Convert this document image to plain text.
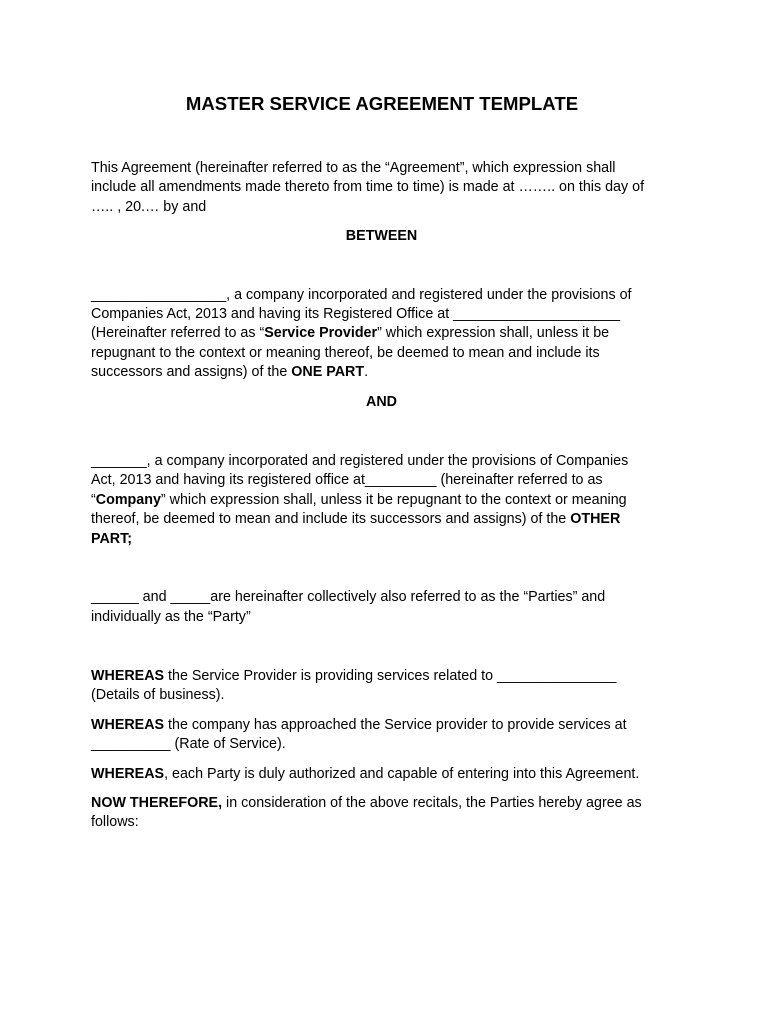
MASTER SERVICE AGREEMENT TEMPLATE

This Agreement (hereinafter referred to as the “Agreement”, which expression shall
include all amendments made thereto from time to time) is made at …….. on this day of
….. , 20.… by and

BETWEEN

_________________, a company incorporated and registered under the provisions of
Companies Act, 2013 and having its Registered Office at _____________________
(Hereinafter referred to as “Service Provider” which expression shall, unless it be
repugnant to the context or meaning thereof, be deemed to mean and include its
successors and assigns) of the ONE PART.

AND

_______, a company incorporated and registered under the provisions of Companies
Act, 2013 and having its registered office at_________ (hereinafter referred to as
“Company” which expression shall, unless it be repugnant to the context or meaning
thereof, be deemed to mean and include its successors and assigns) of the OTHER
PART;

______ and _____are hereinafter collectively also referred to as the “Parties” and
individually as the “Party”

WHEREAS the Service Provider is providing services related to _______________
(Details of business).

WHEREAS the company has approached the Service provider to provide services at
__________ (Rate of Service).

WHEREAS, each Party is duly authorized and capable of entering into this Agreement.

NOW THEREFORE, in consideration of the above recitals, the Parties hereby agree as
follows:
